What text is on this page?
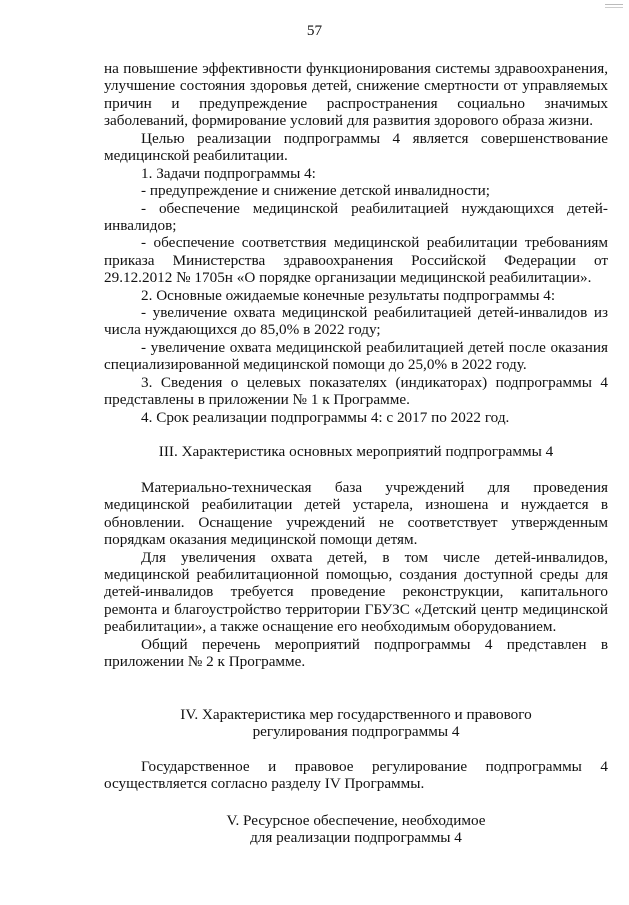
57

на повышение эффективности функционирования системы здравоохранения, улучшение состояния здоровья детей, снижение смертности от управляемых причин и предупреждение распространения социально значимых заболеваний, формирование условий для развития здорового образа жизни.

Целью реализации подпрограммы 4 является совершенствование медицинской реабилитации.

1. Задачи подпрограммы 4:

- предупреждение и снижение детской инвалидности;

- обеспечение медицинской реабилитацией нуждающихся детей-инвалидов;

- обеспечение соответствия медицинской реабилитации требованиям приказа Министерства здравоохранения Российской Федерации от 29.12.2012 № 1705н «О порядке организации медицинской реабилитации».

2. Основные ожидаемые конечные результаты подпрограммы 4:

- увеличение охвата медицинской реабилитацией детей-инвалидов из числа нуждающихся до 85,0% в 2022 году;

- увеличение охвата медицинской реабилитацией детей после оказания специализированной медицинской помощи до 25,0% в 2022 году.

3. Сведения о целевых показателях (индикаторах) подпрограммы 4 представлены в приложении № 1 к Программе.

4. Срок реализации подпрограммы 4: с 2017 по 2022 год.

III. Характеристика основных мероприятий подпрограммы 4

Материально-техническая база учреждений для проведения медицинской реабилитации детей устарела, изношена и нуждается в обновлении. Оснащение учреждений не соответствует утвержденным порядкам оказания медицинской помощи детям.

Для увеличения охвата детей, в том числе детей-инвалидов, медицинской реабилитационной помощью, создания доступной среды для детей-инвалидов требуется проведение реконструкции, капитального ремонта и благоустройство территории ГБУЗС «Детский центр медицинской реабилитации», а также оснащение его необходимым оборудованием.

Общий перечень мероприятий подпрограммы 4 представлен в приложении № 2 к Программе.

IV. Характеристика мер государственного и правового

регулирования подпрограммы 4

Государственное и правовое регулирование подпрограммы 4 осуществляется согласно разделу IV Программы.

V. Ресурсное обеспечение, необходимое

для реализации подпрограммы 4
